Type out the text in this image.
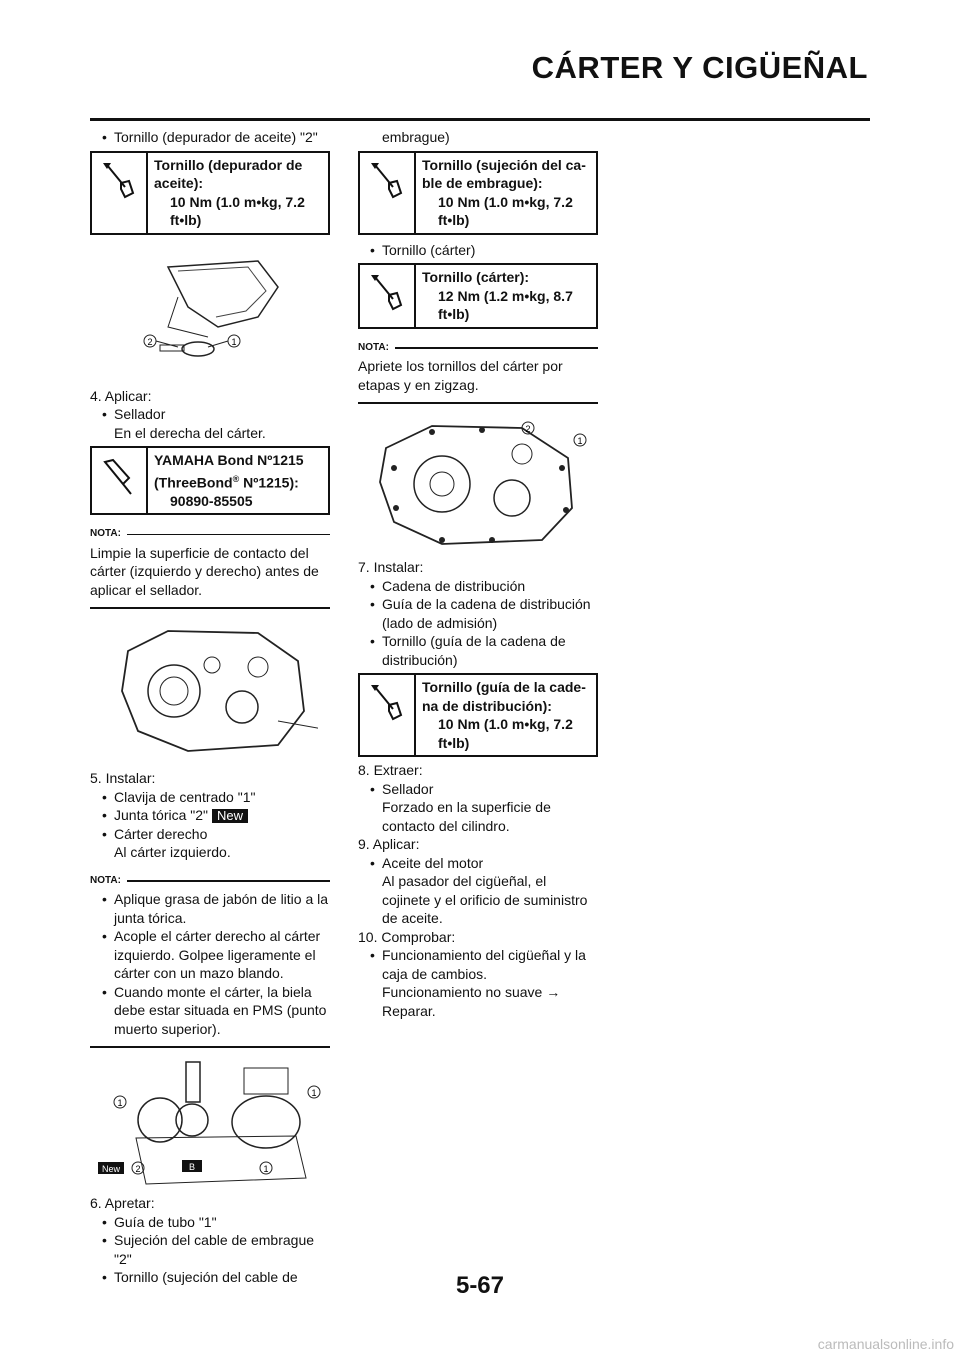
CÁRTER Y CIGÜEÑAL
• Tornillo (depurador de aceite) "2"
Tornillo (depurador de
aceite):
10 Nm (1.0 m•kg, 7.2
ft•lb)
2	1
4. Aplicar:
• Sellador
En el derecha del cárter.
YAMAHA Bond Nº1215
(ThreeBond® Nº1215):
90890-85505
NOTA:
Limpie la superficie de contacto del cárter (izquierdo y derecho) antes de aplicar el sellador.
5. Instalar:
• Clavija de centrado "1"
• Junta tórica "2" New
• Cárter derecho
Al cárter izquierdo.
NOTA:
• Aplique grasa de jabón de litio a la junta tórica.
• Acople el cárter derecho al cárter izquierdo. Golpee ligeramente el cárter con un mazo blando.
• Cuando monte el cárter, la biela debe estar situada en PMS (punto muerto superior).
1
1
New 2	1
B
6. Apretar:
• Guía de tubo "1"
• Sujeción del cable de embrague "2"
• Tornillo (sujeción del cable de
embrague)
Tornillo (sujeción del ca-
ble de embrague):
10 Nm (1.0 m•kg, 7.2
ft•lb)
• Tornillo (cárter)
Tornillo (cárter):
12 Nm (1.2 m•kg, 8.7
ft•lb)
NOTA:
Apriete los tornillos del cárter por etapas y en zigzag.
2
1
7. Instalar:
• Cadena de distribución
• Guía de la cadena de distribución (lado de admisión)
• Tornillo (guía de la cadena de distribución)
Tornillo (guía de la cade-
na de distribución):
10 Nm (1.0 m•kg, 7.2
ft•lb)
8. Extraer:
• Sellador
Forzado en la superficie de contacto del cilindro.
9. Aplicar:
• Aceite del motor
Al pasador del cigüeñal, el cojinete y el orificio de suministro de aceite.
10. Comprobar:
• Funcionamiento del cigüeñal y la caja de cambios.
Funcionamiento no suave → Reparar.
5-67
carmanualsonline.info
